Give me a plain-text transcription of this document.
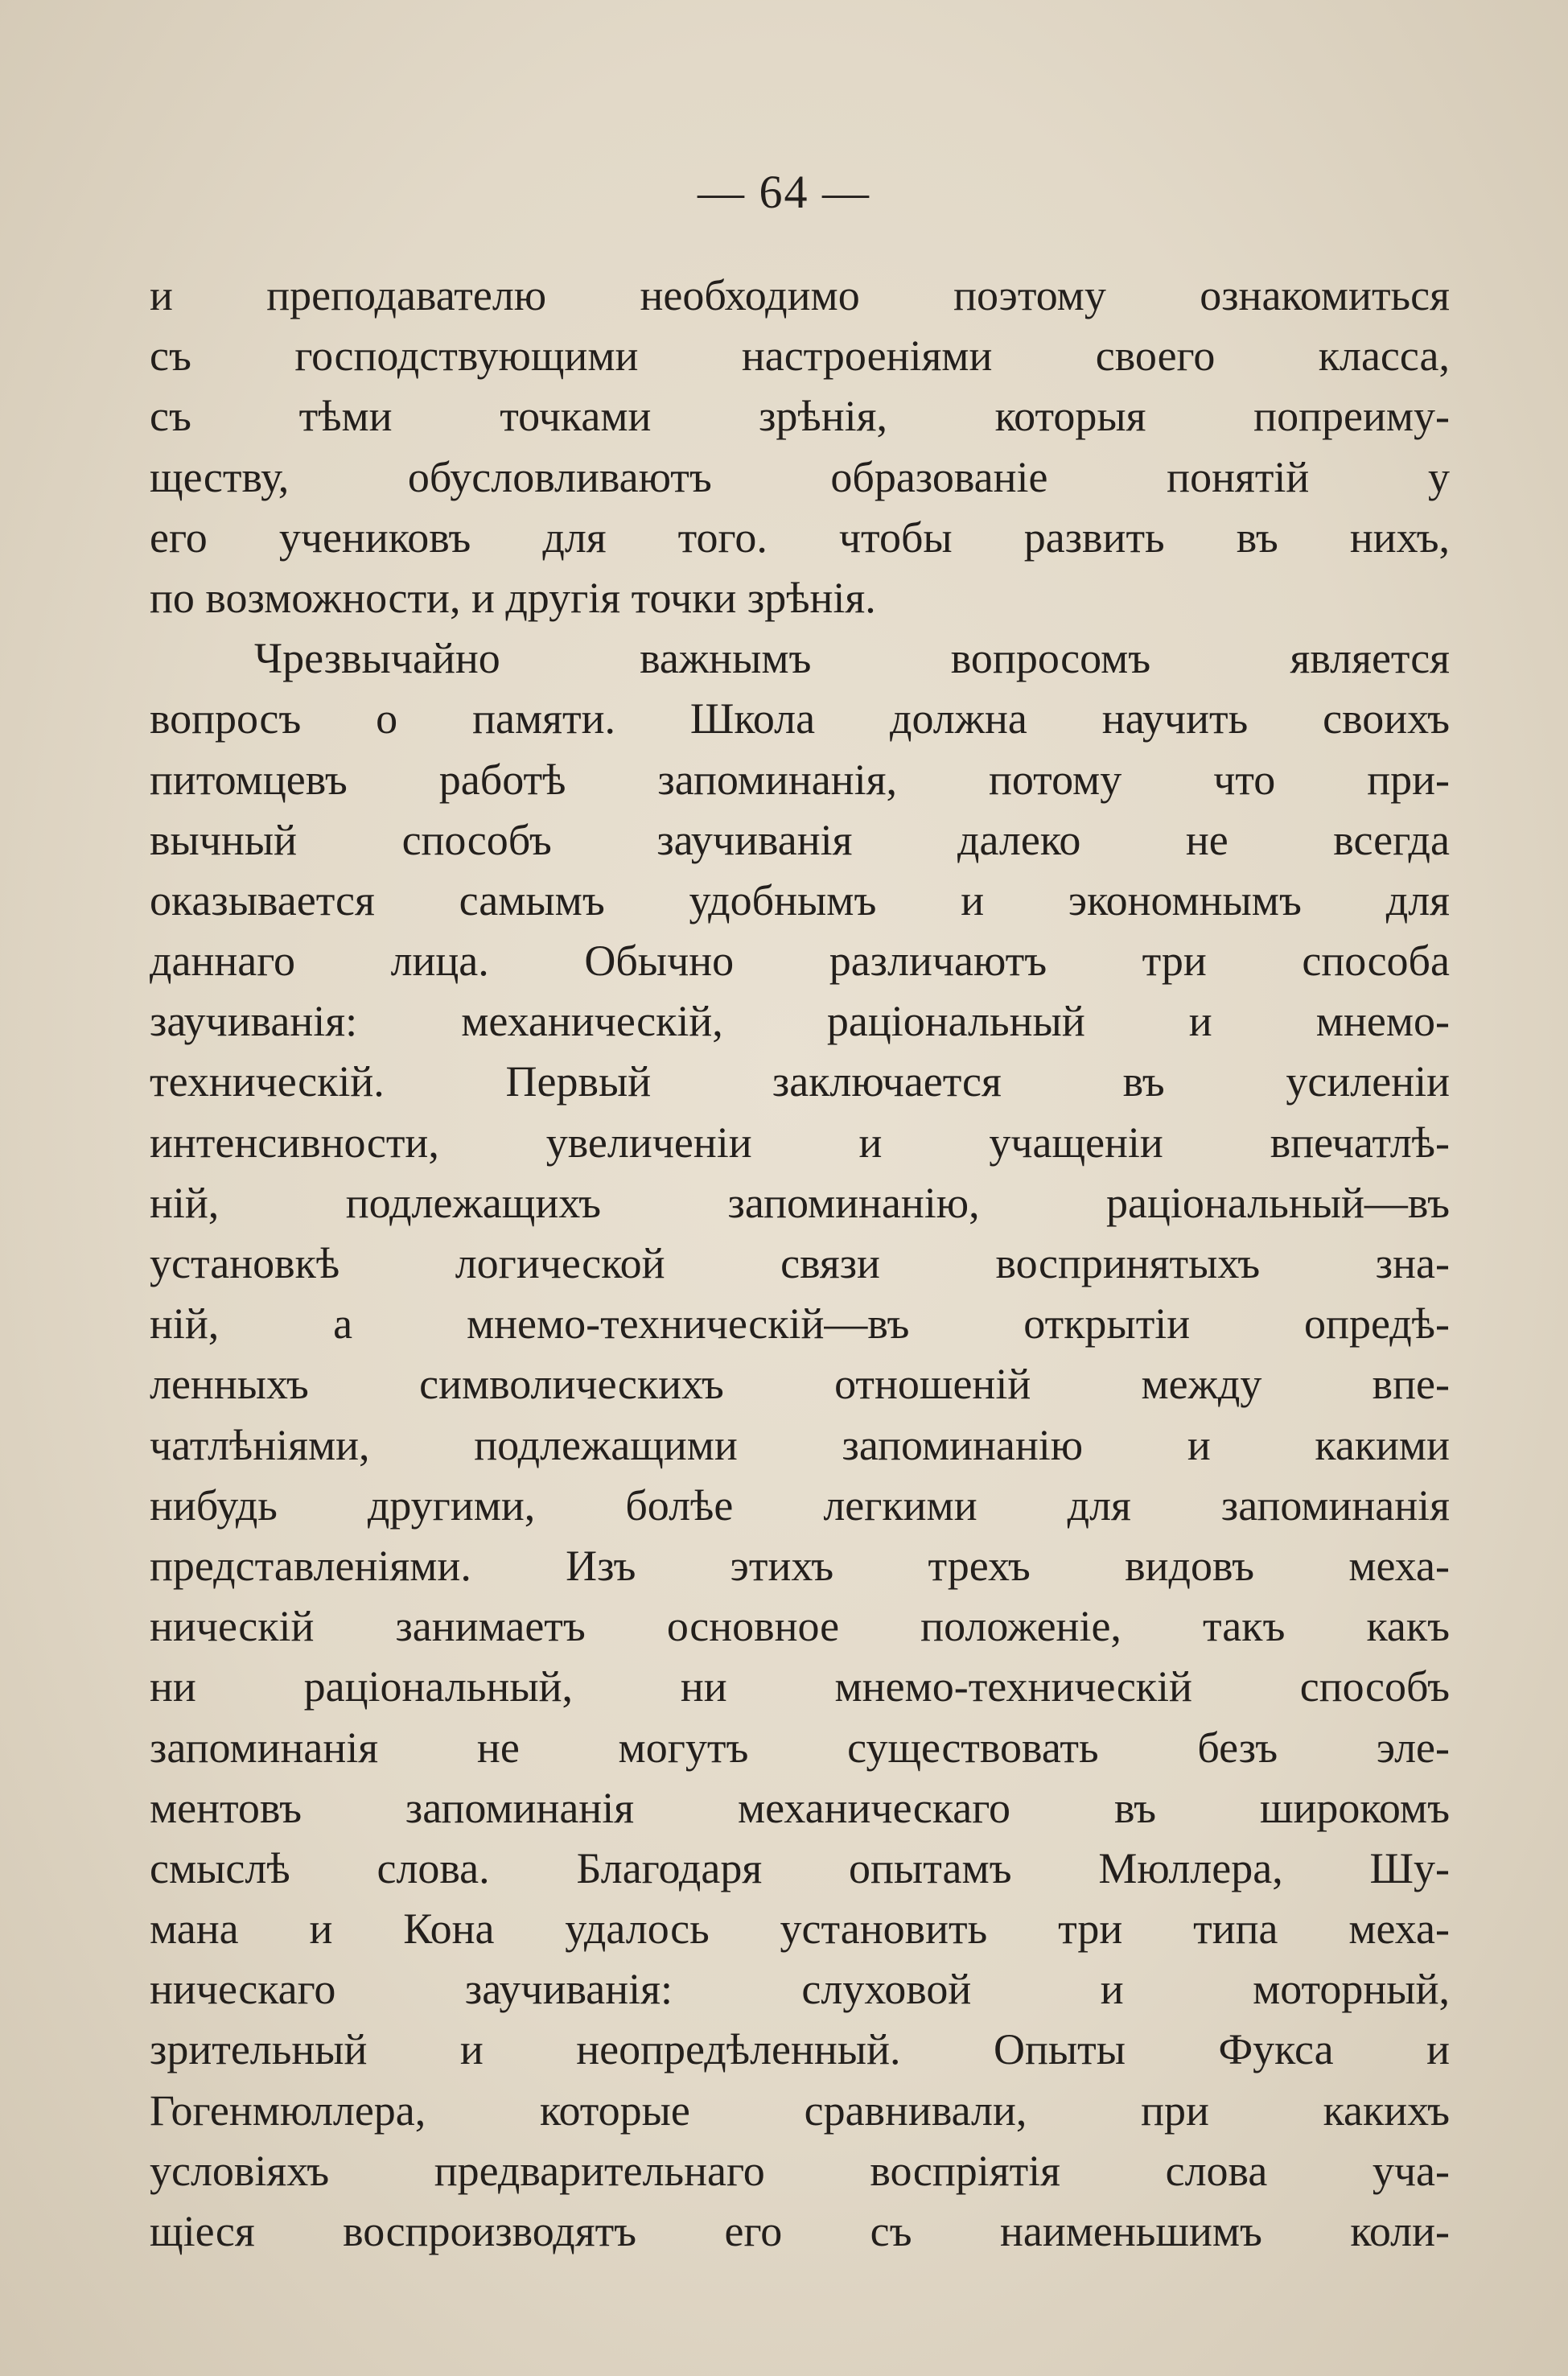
— 64 —
и преподавателю необходимо поэтому ознакомиться
съ господствующими настроеніями своего класса,
съ тѣми точками зрѣнія, которыя попреиму-
ществу, обусловливаютъ образованіе понятій у
его учениковъ для того. чтобы развить въ нихъ,
по возможности, и другія точки зрѣнія.
Чрезвычайно важнымъ вопросомъ является
вопросъ о памяти. Школа должна научить своихъ
питомцевъ работѣ запоминанія, потому что при-
вычный способъ заучиванія далеко не всегда
оказывается самымъ удобнымъ и экономнымъ для
даннаго лица. Обычно различаютъ три способа
заучиванія: механическій, раціональный и мнемо-
техническій. Первый заключается въ усиленіи
интенсивности, увеличеніи и учащеніи впечатлѣ-
ній, подлежащихъ запоминанію, раціональный—въ
установкѣ логической связи воспринятыхъ зна-
ній, а мнемо-техническій—въ открытіи опредѣ-
ленныхъ символическихъ отношеній между впе-
чатлѣніями, подлежащими запоминанію и какими
нибудь другими, болѣе легкими для запоминанія
представленіями. Изъ этихъ трехъ видовъ меха-
ническій занимаетъ основное положеніе, такъ какъ
ни раціональный, ни мнемо-техническій способъ
запоминанія не могутъ существовать безъ эле-
ментовъ запоминанія механическаго въ широкомъ
смыслѣ слова. Благодаря опытамъ Мюллера, Шу-
мана и Кона удалось установить три типа меха-
ническаго заучиванія: слуховой и моторный,
зрительный и неопредѣленный. Опыты Фукса и
Гогенмюллера, которые сравнивали, при какихъ
условіяхъ предварительнаго воспріятія слова уча-
щіеся воспроизводятъ его съ наименьшимъ коли-
